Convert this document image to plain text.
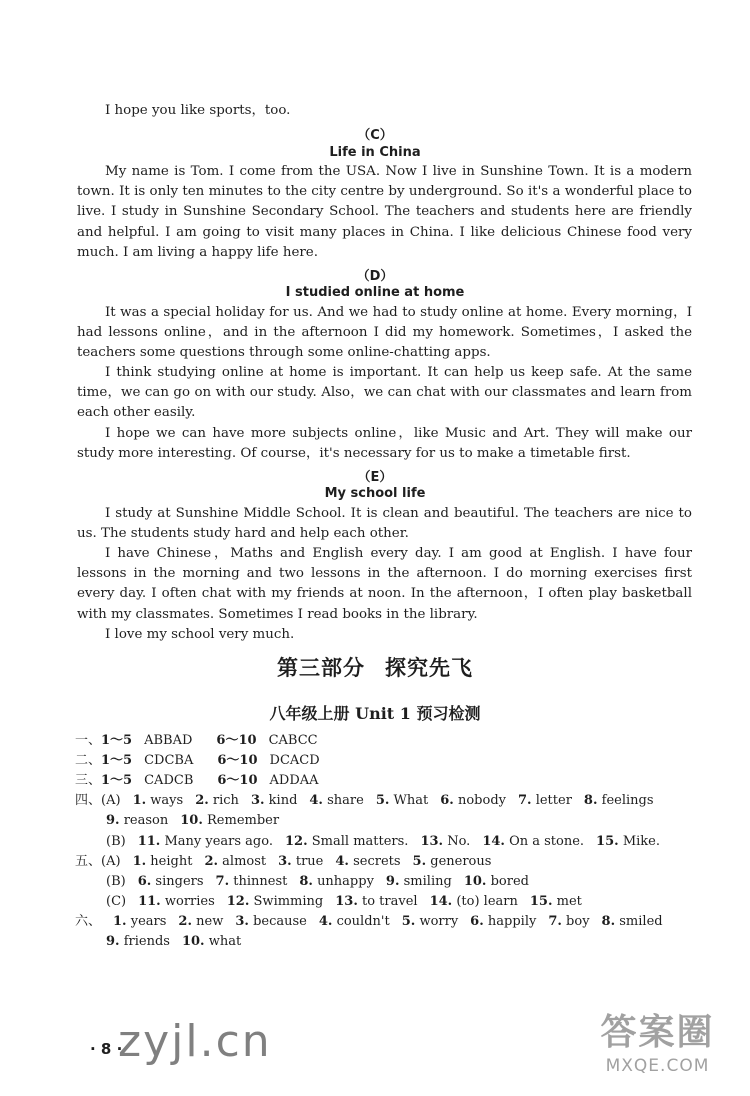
I hope you like sports，too.

（C）
Life in China

My name is Tom. I come from the USA. Now I live in Sunshine Town. It is a modern town. It is only ten minutes to the city centre by underground. So it's a wonderful place to live. I study in Sunshine Secondary School. The teachers and students here are friendly and helpful. I am going to visit many places in China. I like delicious Chinese food very much. I am living a happy life here.

（D）
I studied online at home

It was a special holiday for us. And we had to study online at home. Every morning，I had lessons online，and in the afternoon I did my homework. Sometimes，I asked the teachers some questions through some online-chatting apps.

I think studying online at home is important. It can help us keep safe. At the same time，we can go on with our study. Also，we can chat with our classmates and learn from each other easily.

I hope we can have more subjects online，like Music and Art. They will make our study more interesting. Of course，it's necessary for us to make a timetable first.

（E）
My school life

I study at Sunshine Middle School. It is clean and beautiful. The teachers are nice to us. The students study hard and help each other.

I have Chinese，Maths and English every day. I am good at English. I have four lessons in the morning and two lessons in the afternoon. I do morning exercises first every day. I often chat with my friends at noon. In the afternoon，I often play basketball with my classmates. Sometimes I read books in the library.

I love my school very much.

第三部分 探究先飞
八年级上册 Unit 1 预习检测

一、1～5 ABBAD 6～10 CABCC

二、1～5 CDCBA 6～10 DCACD

三、1～5 CADCB 6～10 ADDAA

四、(A) 1. ways 2. rich 3. kind 4. share 5. What 6. nobody 7. letter 8. feelings

9. reason 10. Remember

(B) 11. Many years ago. 12. Small matters. 13. No. 14. On a stone. 15. Mike.

五、(A) 1. height 2. almost 3. true 4. secrets 5. generous

(B) 6. singers 7. thinnest 8. unhappy 9. smiling 10. bored

(C) 11. worries 12. Swimming 13. to travel 14. (to) learn 15. met

六、 1. years 2. new 3. because 4. couldn't 5. worry 6. happily 7. boy 8. smiled

9. friends 10. what

· 8 ·
zyjl.cn	答案圈
MXQE.COM
